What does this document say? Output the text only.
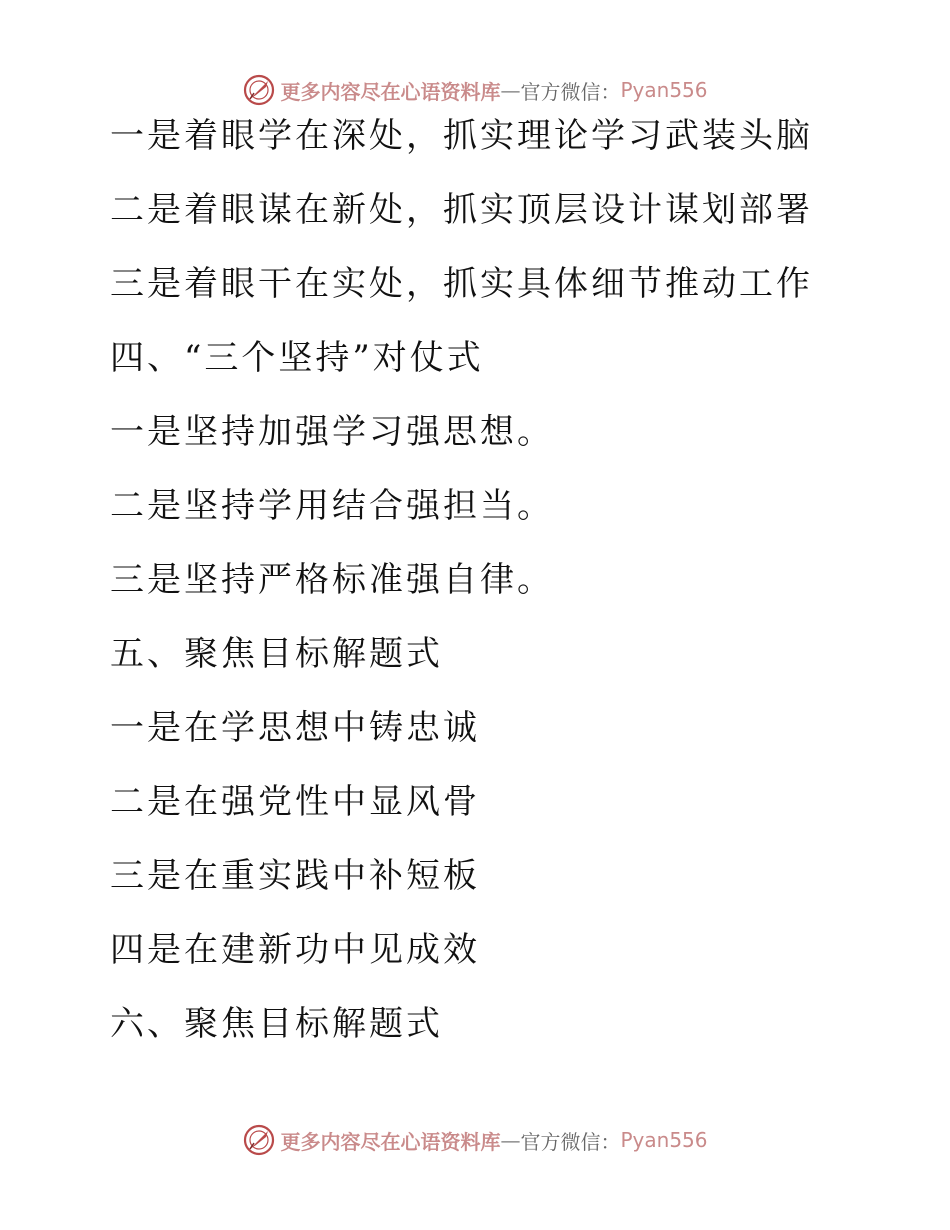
更多内容尽在心语资料库 — 官方微信： Pyan556
一是着眼学在深处，抓实理论学习武装头脑
二是着眼谋在新处，抓实顶层设计谋划部署
三是着眼干在实处，抓实具体细节推动工作
四、“三个坚持”对仗式
一是坚持加强学习强思想。
二是坚持学用结合强担当。
三是坚持严格标准强自律。
五、聚焦目标解题式
一是在学思想中铸忠诚
二是在强党性中显风骨
三是在重实践中补短板
四是在建新功中见成效
六、聚焦目标解题式
更多内容尽在心语资料库 — 官方微信： Pyan556
